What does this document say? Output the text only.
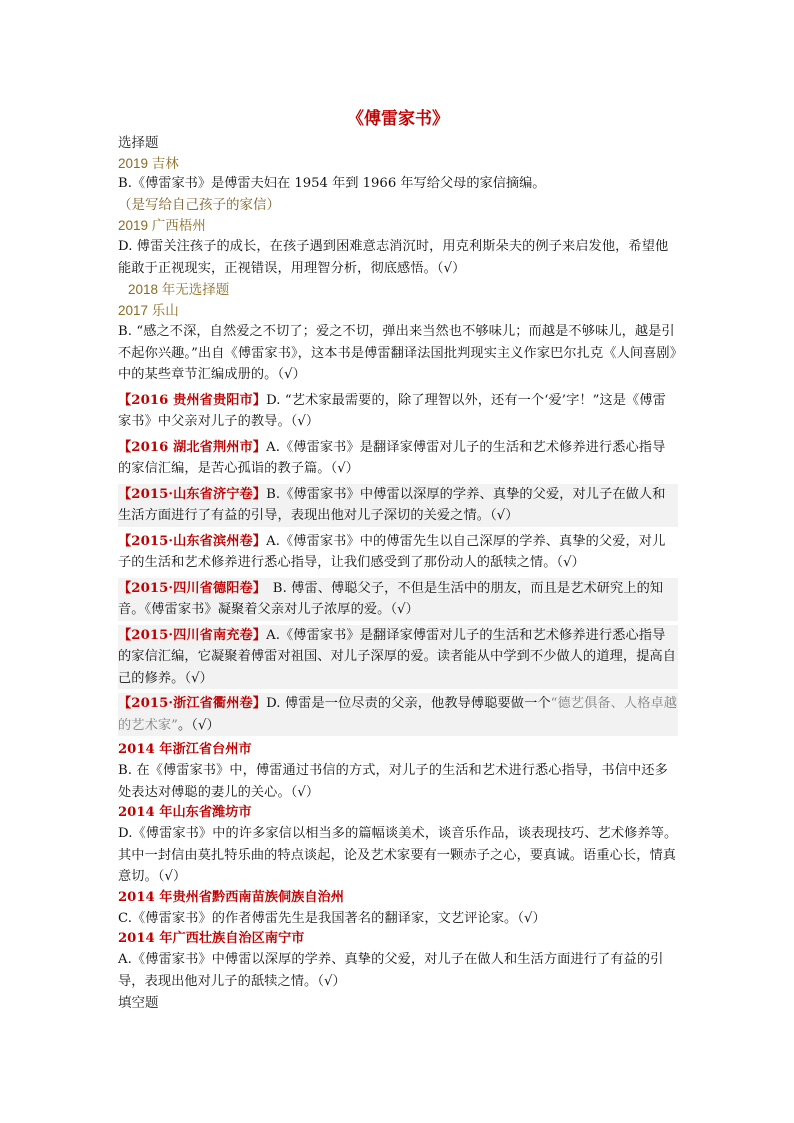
《傅雷家书》
选择题
2019 吉林

B.《傅雷家书》是傅雷夫妇在 1954 年到 1966 年写给父母的家信摘编。

（是写给自己孩子的家信）
2019 广西梧州

D. 傅雷关注孩子的成长，在孩子遇到困难意志消沉时，用克利斯朵夫的例子来启发他，希望他能敢于正视现实，正视错误，用理智分析，彻底感悟。（√）

2018 年无选择题
2017 乐山

B. “感之不深，自然爱之不切了；爱之不切，弹出来当然也不够味儿；而越是不够味儿，越是引不起你兴趣。”出自《傅雷家书》，这本书是傅雷翻译法国批判现实主义作家巴尔扎克《人间喜剧》中的某些章节汇编成册的。（√）

【2016 贵州省贵阳市】D. “艺术家最需要的，除了理智以外，还有一个‘爱’字！”这是《傅雷家书》中父亲对儿子的教导。（√）

【2016 湖北省荆州市】A.《傅雷家书》是翻译家傅雷对儿子的生活和艺术修养进行悉心指导的家信汇编，是苦心孤诣的教子篇。（√）

【2015·山东省济宁卷】B.《傅雷家书》中傅雷以深厚的学养、真挚的父爱，对儿子在做人和生活方面进行了有益的引导，表现出他对儿子深切的关爱之情。（√）

【2015·山东省滨州卷】A.《傅雷家书》中的傅雷先生以自己深厚的学养、真挚的父爱，对儿子的生活和艺术修养进行悉心指导，让我们感受到了那份动人的舐犊之情。（√）

【2015·四川省德阳卷】　B. 傅雷、傅聪父子，不但是生活中的朋友，而且是艺术研究上的知音。《傅雷家书》凝聚着父亲对儿子浓厚的爱。（√）

【2015·四川省南充卷】A.《傅雷家书》是翻译家傅雷对儿子的生活和艺术修养进行悉心指导的家信汇编，它凝聚着傅雷对祖国、对儿子深厚的爱。读者能从中学到不少做人的道理，提高自己的修养。（√）

【2015·浙江省衢州卷】D. 傅雷是一位尽责的父亲，他教导傅聪要做一个“德艺俱备、人格卓越的艺术家”。（√）

2014 年浙江省台州市

B. 在《傅雷家书》中，傅雷通过书信的方式，对儿子的生活和艺术进行悉心指导，书信中还多处表达对傅聪的妻儿的关心。（√）

2014 年山东省潍坊市

D.《傅雷家书》中的许多家信以相当多的篇幅谈美术，谈音乐作品，谈表现技巧、艺术修养等。其中一封信由莫扎特乐曲的特点谈起，论及艺术家要有一颗赤子之心，要真诚。语重心长，情真意切。（√）

2014 年贵州省黔西南苗族侗族自治州

C.《傅雷家书》的作者傅雷先生是我国著名的翻译家，文艺评论家。（√）

2014 年广西壮族自治区南宁市

A.《傅雷家书》中傅雷以深厚的学养、真挚的父爱，对儿子在做人和生活方面进行了有益的引导，表现出他对儿子的舐犊之情。（√）

填空题
